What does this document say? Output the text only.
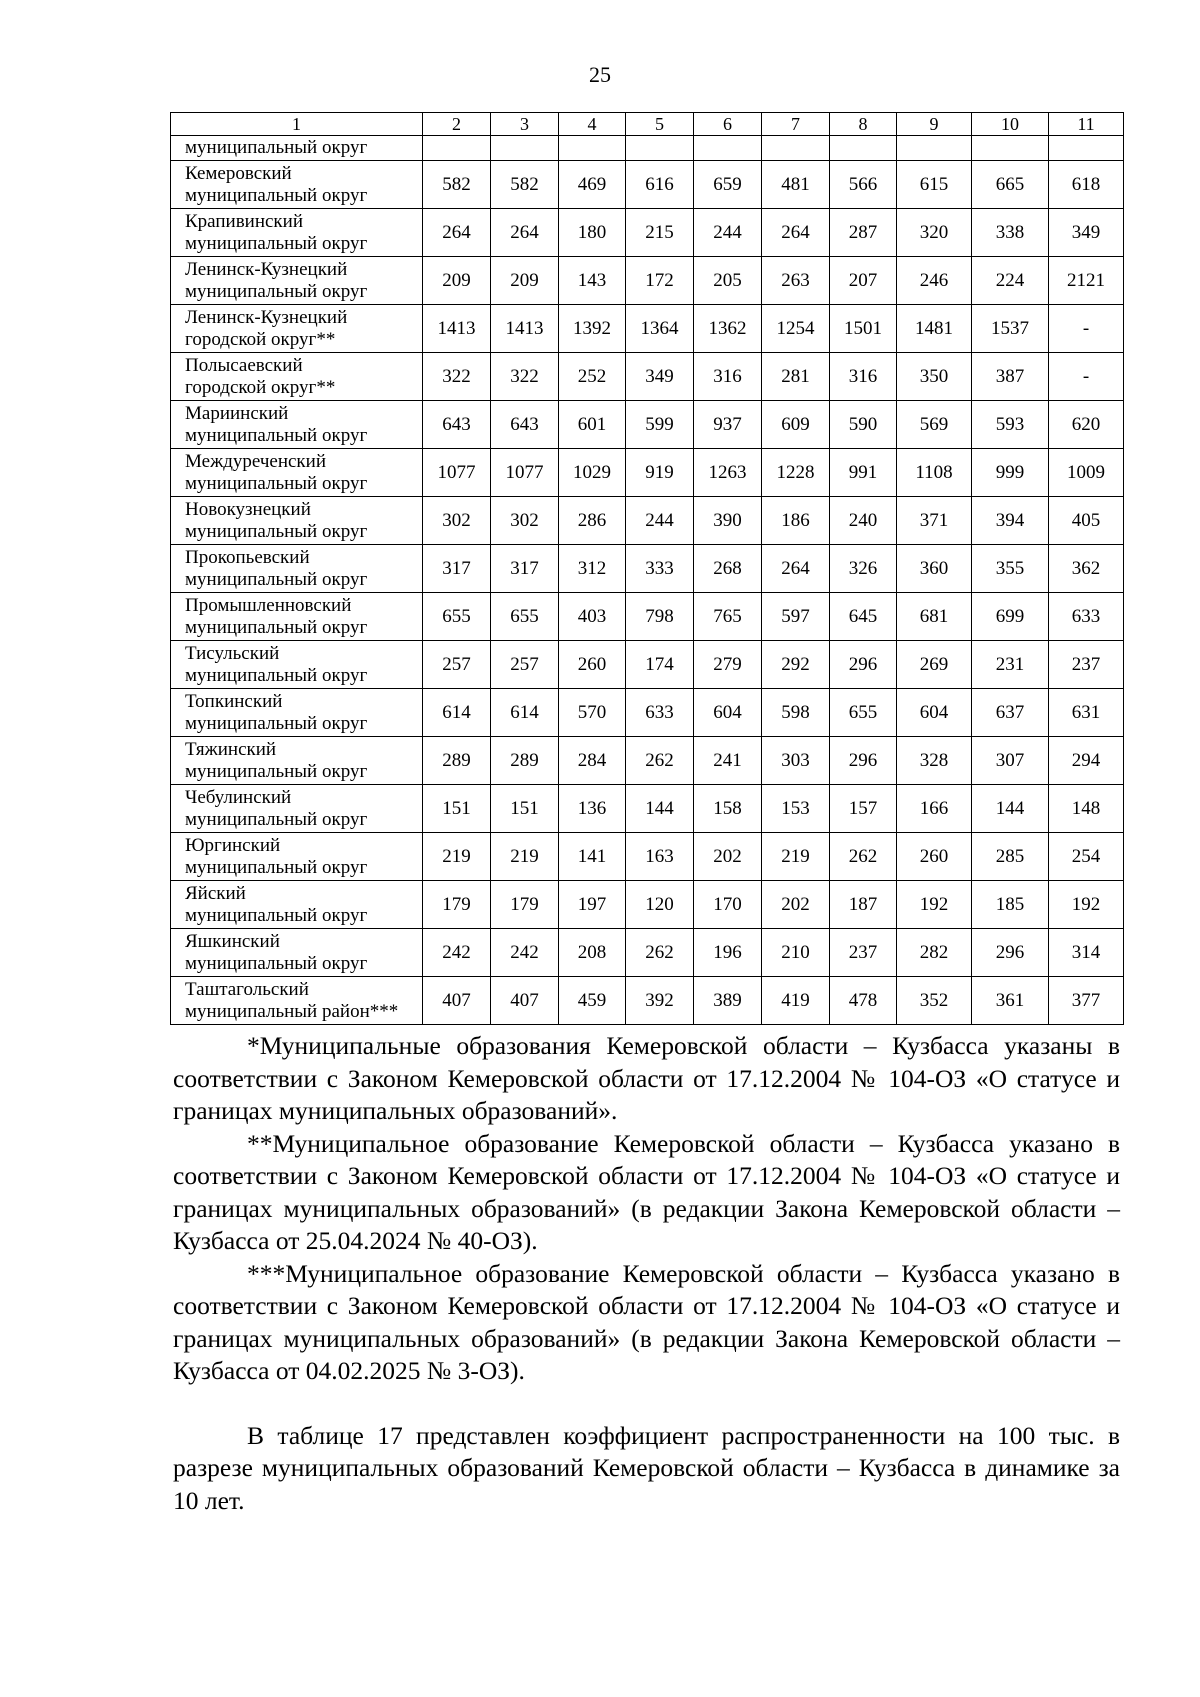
25
1	2	3	4	5	6	7	8	9	10	11
муниципальный округ										

Кемеровский
муниципальный округ	582	582	469	616	659	481	566	615	665	618

Крапивинский
муниципальный округ	264	264	180	215	244	264	287	320	338	349

Ленинск-Кузнецкий
муниципальный округ	209	209	143	172	205	263	207	246	224	2121

Ленинск-Кузнецкий
городской округ**	1413	1413	1392	1364	1362	1254	1501	1481	1537	-

Полысаевский
городской округ**	322	322	252	349	316	281	316	350	387	-

Мариинский
муниципальный округ	643	643	601	599	937	609	590	569	593	620

Междуреченский
муниципальный округ	1077	1077	1029	919	1263	1228	991	1108	999	1009

Новокузнецкий
муниципальный округ	302	302	286	244	390	186	240	371	394	405

Прокопьевский
муниципальный округ	317	317	312	333	268	264	326	360	355	362

Промышленновский
муниципальный округ	655	655	403	798	765	597	645	681	699	633

Тисульский
муниципальный округ	257	257	260	174	279	292	296	269	231	237

Топкинский
муниципальный округ	614	614	570	633	604	598	655	604	637	631

Тяжинский
муниципальный округ	289	289	284	262	241	303	296	328	307	294

Чебулинский
муниципальный округ	151	151	136	144	158	153	157	166	144	148

Юргинский
муниципальный округ	219	219	141	163	202	219	262	260	285	254

Яйский
муниципальный округ	179	179	197	120	170	202	187	192	185	192

Яшкинский
муниципальный округ	242	242	208	262	196	210	237	282	296	314

Таштагольский
муниципальный район***	407	407	459	392	389	419	478	352	361	377

*Муниципальные образования Кемеровской области – Кузбасса указаны в соответствии с Законом Кемеровской области от 17.12.2004 № 104-ОЗ «О статусе и границах муниципальных образований».

**Муниципальное образование Кемеровской области – Кузбасса указано в соответствии с Законом Кемеровской области от 17.12.2004 № 104-ОЗ «О статусе и границах муниципальных образований» (в редакции Закона Кемеровской области – Кузбасса от 25.04.2024 № 40-ОЗ).

***Муниципальное образование Кемеровской области – Кузбасса указано в соответствии с Законом Кемеровской области от 17.12.2004 № 104-ОЗ «О статусе и границах муниципальных образований» (в редакции Закона Кемеровской области – Кузбасса от 04.02.2025 № 3-ОЗ).

В таблице 17 представлен коэффициент распространенности на 100 тыс. в разрезе муниципальных образований Кемеровской области – Кузбасса в динамике за 10 лет.
